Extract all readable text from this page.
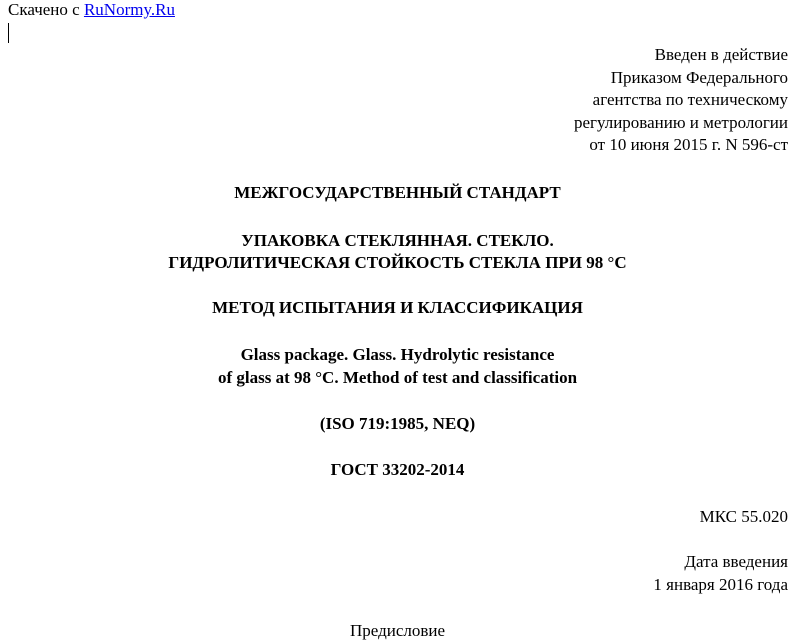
Скачено с RuNormy.Ru
Введен в действие
Приказом Федерального
агентства по техническому
регулированию и метрологии
от 10 июня 2015 г. N 596-ст
МЕЖГОСУДАРСТВЕННЫЙ СТАНДАРТ
УПАКОВКА СТЕКЛЯННАЯ. СТЕКЛО.
ГИДРОЛИТИЧЕСКАЯ СТОЙКОСТЬ СТЕКЛА ПРИ 98 °С
МЕТОД ИСПЫТАНИЯ И КЛАССИФИКАЦИЯ
Glass package. Glass. Hydrolytic resistance
of glass at 98 °C. Method of test and classification
(ISO 719:1985, NEQ)
ГОСТ 33202-2014
МКС 55.020
Дата введения
1 января 2016 года
Предисловие
